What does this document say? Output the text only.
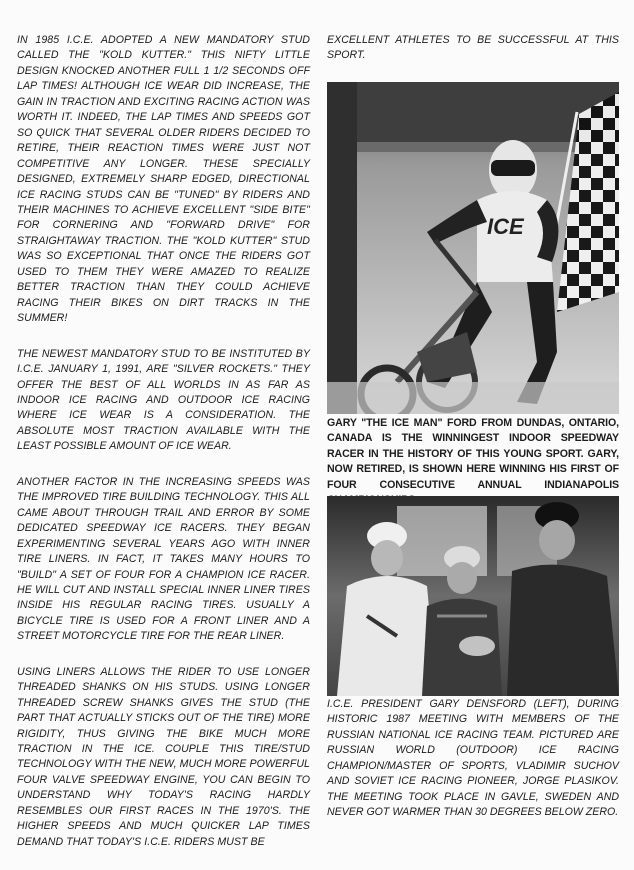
IN 1985 I.C.E. ADOPTED A NEW MANDATORY STUD CALLED THE "KOLD KUTTER." THIS NIFTY LITTLE DESIGN KNOCKED ANOTHER FULL 1 1/2 SECONDS OFF LAP TIMES! ALTHOUGH ICE WEAR DID INCREASE, THE GAIN IN TRACTION AND EXCITING RACING ACTION WAS WORTH IT. INDEED, THE LAP TIMES AND SPEEDS GOT SO QUICK THAT SEVERAL OLDER RIDERS DECIDED TO RETIRE, THEIR REACTION TIMES WERE JUST NOT COMPETITIVE ANY LONGER. THESE SPECIALLY DESIGNED, EXTREMELY SHARP EDGED, DIRECTIONAL ICE RACING STUDS CAN BE "TUNED" BY RIDERS AND THEIR MACHINES TO ACHIEVE EXCELLENT "SIDE BITE" FOR CORNERING AND "FORWARD DRIVE" FOR STRAIGHTAWAY TRACTION. THE "KOLD KUTTER" STUD WAS SO EXCEPTIONAL THAT ONCE THE RIDERS GOT USED TO THEM THEY WERE AMAZED TO REALIZE BETTER TRACTION THAN THEY COULD ACHIEVE RACING THEIR BIKES ON DIRT TRACKS IN THE SUMMER!

THE NEWEST MANDATORY STUD TO BE INSTITUTED BY I.C.E. JANUARY 1, 1991, ARE "SILVER ROCKETS." THEY OFFER THE BEST OF ALL WORLDS IN AS FAR AS INDOOR ICE RACING AND OUTDOOR ICE RACING WHERE ICE WEAR IS A CONSIDERATION. THE ABSOLUTE MOST TRACTION AVAILABLE WITH THE LEAST POSSIBLE AMOUNT OF ICE WEAR.

ANOTHER FACTOR IN THE INCREASING SPEEDS WAS THE IMPROVED TIRE BUILDING TECHNOLOGY. THIS ALL CAME ABOUT THROUGH TRAIL AND ERROR BY SOME DEDICATED SPEEDWAY ICE RACERS. THEY BEGAN EXPERIMENTING SEVERAL YEARS AGO WITH INNER TIRE LINERS. IN FACT, IT TAKES MANY HOURS TO "BUILD" A SET OF FOUR FOR A CHAMPION ICE RACER. HE WILL CUT AND INSTALL SPECIAL INNER LINER TIRES INSIDE HIS REGULAR RACING TIRES. USUALLY A BICYCLE TIRE IS USED FOR A FRONT LINER AND A STREET MOTORCYCLE TIRE FOR THE REAR LINER.

USING LINERS ALLOWS THE RIDER TO USE LONGER THREADED SHANKS ON HIS STUDS. USING LONGER THREADED SCREW SHANKS GIVES THE STUD (THE PART THAT ACTUALLY STICKS OUT OF THE TIRE) MORE RIGIDITY, THUS GIVING THE BIKE MUCH MORE TRACTION IN THE ICE. COUPLE THIS TIRE/STUD TECHNOLOGY WITH THE NEW, MUCH MORE POWERFUL FOUR VALVE SPEEDWAY ENGINE, YOU CAN BEGIN TO UNDERSTAND WHY TODAY'S RACING HARDLY RESEMBLES OUR FIRST RACES IN THE 1970'S. THE HIGHER SPEEDS AND MUCH QUICKER LAP TIMES DEMAND THAT TODAY'S I.C.E. RIDERS MUST BE

EXCELLENT ATHLETES TO BE SUCCESSFUL AT THIS SPORT.

ICE

GARY "THE ICE MAN" FORD FROM DUNDAS, ONTARIO, CANADA IS THE WINNINGEST INDOOR SPEEDWAY RACER IN THE HISTORY OF THIS YOUNG SPORT. GARY, NOW RETIRED, IS SHOWN HERE WINNING HIS FIRST OF FOUR CONSECUTIVE ANNUAL INDIANAPOLIS

I.C.E. PRESIDENT GARY DENSFORD (LEFT), DURING HISTORIC 1987 MEETING WITH MEMBERS OF THE RUSSIAN NATIONAL ICE RACING TEAM. PICTURED ARE RUSSIAN WORLD (OUTDOOR) ICE RACING CHAMPION/MASTER OF SPORTS, VLADIMIR SUCHOV AND SOVIET ICE RACING PIONEER, JORGE PLASIKOV. THE MEETING TOOK PLACE IN GAVLE, SWEDEN AND NEVER GOT WARMER THAN 30 DEGREES BELOW ZERO.
